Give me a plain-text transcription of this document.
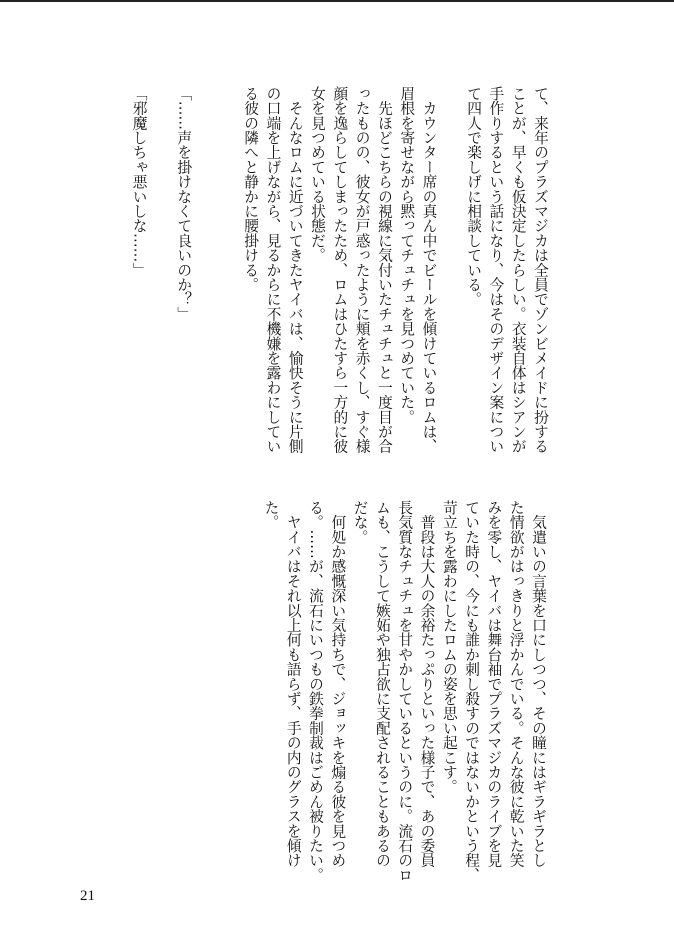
て、来年のプラズマジカは全員でゾンビメイドに扮する
ことが、早くも仮決定したらしい。衣装自体はシアンが
手作りするという話になり、今はそのデザイン案につい
て四人で楽しげに相談している。
　カウンター席の真ん中でビールを傾けているロムは、
眉根を寄せながら黙ってチュチュを見つめていた。
　先ほどこちらの視線に気付いたチュチュと一度目が合
ったものの、彼女が戸惑ったように頬を赤くし、すぐ様
顔を逸らしてしまったため、ロムはひたすら一方的に彼
女を見つめている状態だ。
　そんなロムに近づいてきたヤイバは、愉快そうに片側
の口端を上げながら、見るからに不機嫌を露わにしてい
る彼の隣へと静かに腰掛ける。
「……声を掛けなくて良いのか？」
「邪魔しちゃ悪いしな……」
　気遣いの言葉を口にしつつ、その瞳にはギラギラとし
た情欲がはっきりと浮かんでいる。そんな彼に乾いた笑
みを零し、ヤイバは舞台袖でプラズマジカのライブを見
ていた時の、今にも誰か刺し殺すのではないかという程、
苛立ちを露わにしたロムの姿を思い起こす。
　普段は大人の余裕たっぷりといった様子で、あの委員
長気質なチュチュを甘やかしているというのに。流石のロ
ムも、こうして嫉妬や独占欲に支配されることもあるの
だな。
　何処か感慨深い気持ちで、ジョッキを煽る彼を見つめ
る。……が、流石にいつもの鉄拳制裁はごめん被りたい。
　ヤイバはそれ以上何も語らず、手の内のグラスを傾け
た。
21
